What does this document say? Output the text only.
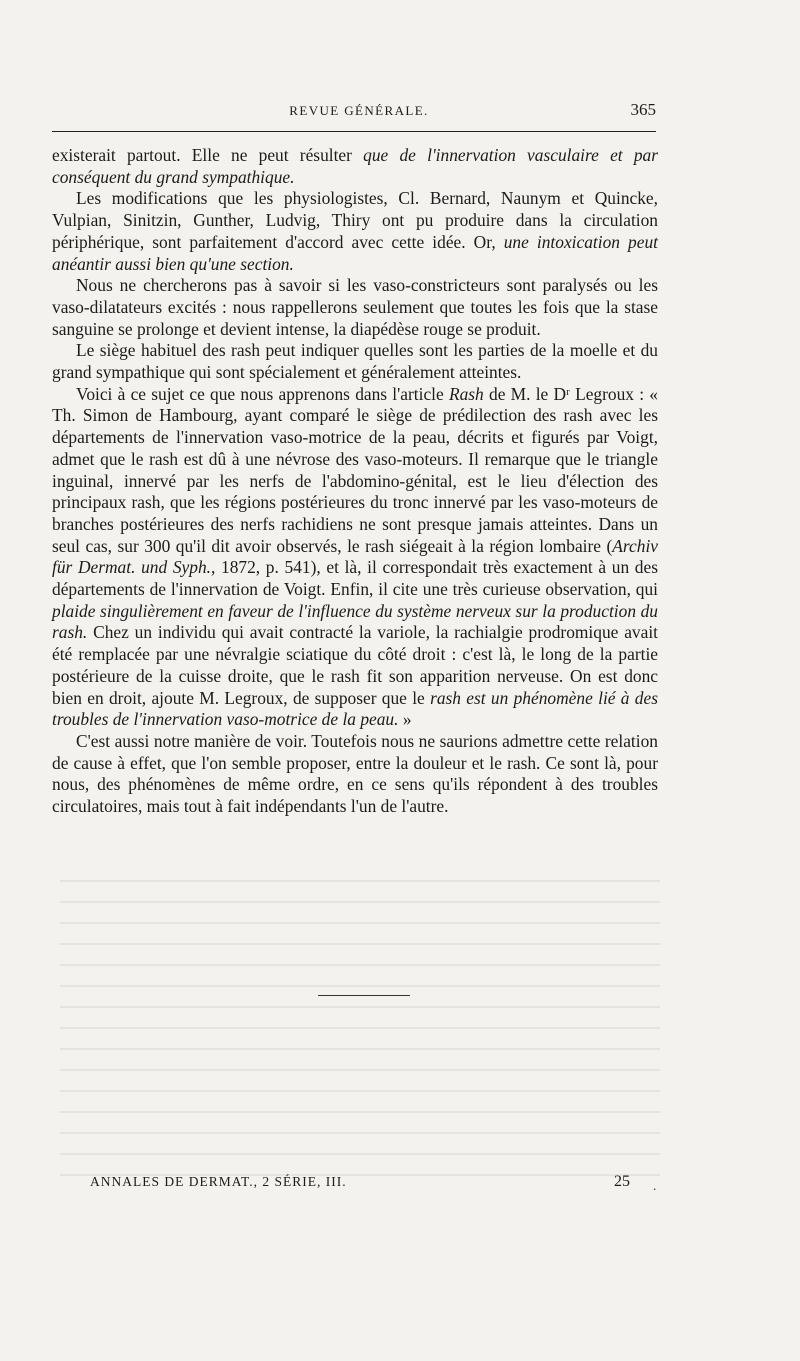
REVUE GÉNÉRALE.	365

existerait partout. Elle ne peut résulter que de l'innervation vasculaire et par conséquent du grand sympathique.

Les modifications que les physiologistes, Cl. Bernard, Naunym et Quincke, Vulpian, Sinitzin, Gunther, Ludvig, Thiry ont pu produire dans la circulation périphérique, sont parfaitement d'accord avec cette idée. Or, une intoxication peut anéantir aussi bien qu'une section.

Nous ne chercherons pas à savoir si les vaso-constricteurs sont paralysés ou les vaso-dilatateurs excités : nous rappellerons seulement que toutes les fois que la stase sanguine se prolonge et devient intense, la diapédèse rouge se produit.

Le siège habituel des rash peut indiquer quelles sont les parties de la moelle et du grand sympathique qui sont spécialement et généralement atteintes.

Voici à ce sujet ce que nous apprenons dans l'article Rash de M. le Dʳ Legroux : « Th. Simon de Hambourg, ayant comparé le siège de prédilection des rash avec les départements de l'innervation vaso-motrice de la peau, décrits et figurés par Voigt, admet que le rash est dû à une névrose des vaso-moteurs. Il remarque que le triangle inguinal, innervé par les nerfs de l'abdomino-génital, est le lieu d'élection des principaux rash, que les régions postérieures du tronc innervé par les vaso-moteurs de branches postérieures des nerfs rachidiens ne sont presque jamais atteintes. Dans un seul cas, sur 300 qu'il dit avoir observés, le rash siégeait à la région lombaire (Archiv für Dermat. und Syph., 1872, p. 541), et là, il correspondait très exactement à un des départements de l'innervation de Voigt. Enfin, il cite une très curieuse observation, qui plaide singulièrement en faveur de l'influence du système nerveux sur la production du rash. Chez un individu qui avait contracté la variole, la rachialgie prodromique avait été remplacée par une névralgie sciatique du côté droit : c'est là, le long de la partie postérieure de la cuisse droite, que le rash fit son apparition nerveuse. On est donc bien en droit, ajoute M. Legroux, de supposer que le rash est un phénomène lié à des troubles de l'innervation vaso-motrice de la peau. »

C'est aussi notre manière de voir. Toutefois nous ne saurions admettre cette relation de cause à effet, que l'on semble proposer, entre la douleur et le rash. Ce sont là, pour nous, des phénomènes de même ordre, en ce sens qu'ils répondent à des troubles circulatoires, mais tout à fait indépendants l'un de l'autre.

ANNALES DE DERMAT., 2 SÉRIE, III.	.
25
